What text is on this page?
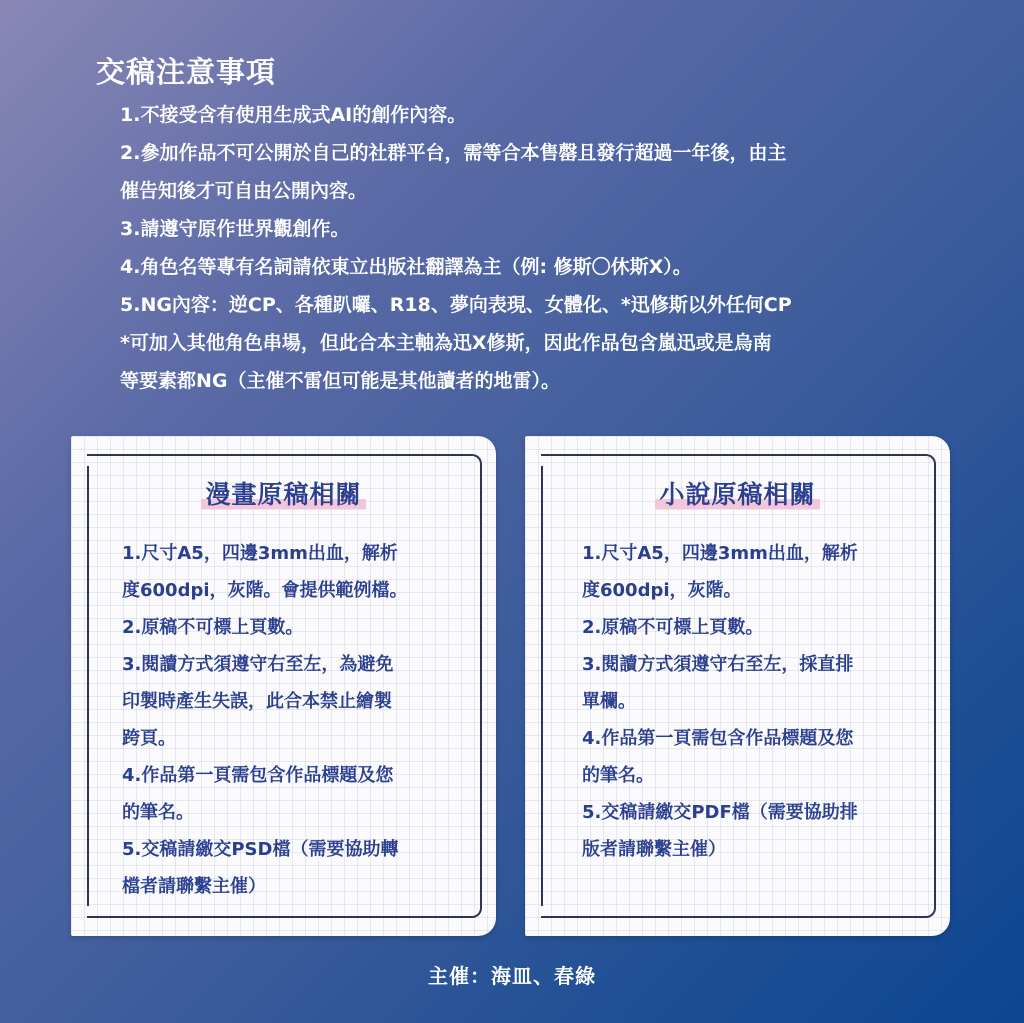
交稿注意事項
1.不接受含有使用生成式AI的創作內容。
2.參加作品不可公開於自己的社群平台，需等合本售罄且發行超過一年後，由主
催告知後才可自由公開內容。
3.請遵守原作世界觀創作。
4.角色名等專有名詞請依東立出版社翻譯為主（例: 修斯〇休斯X）。
5.NG內容：逆CP、各種趴囉、R18、夢向表現、女體化、*迅修斯以外任何CP
*可加入其他角色串場，但此合本主軸為迅X修斯，因此作品包含嵐迅或是烏南
等要素都NG（主催不雷但可能是其他讀者的地雷）。
漫畫原稿相關
1.尺寸A5，四邊3mm出血，解析
度600dpi，灰階。會提供範例檔。
2.原稿不可標上頁數。
3.閱讀方式須遵守右至左，為避免
印製時產生失誤，此合本禁止繪製
跨頁。
4.作品第一頁需包含作品標題及您
的筆名。
5.交稿請繳交PSD檔（需要協助轉
檔者請聯繫主催）
小說原稿相關
1.尺寸A5，四邊3mm出血，解析
度600dpi，灰階。
2.原稿不可標上頁數。
3.閱讀方式須遵守右至左，採直排
單欄。
4.作品第一頁需包含作品標題及您
的筆名。
5.交稿請繳交PDF檔（需要協助排
版者請聯繫主催）

主催：海皿、春綠
